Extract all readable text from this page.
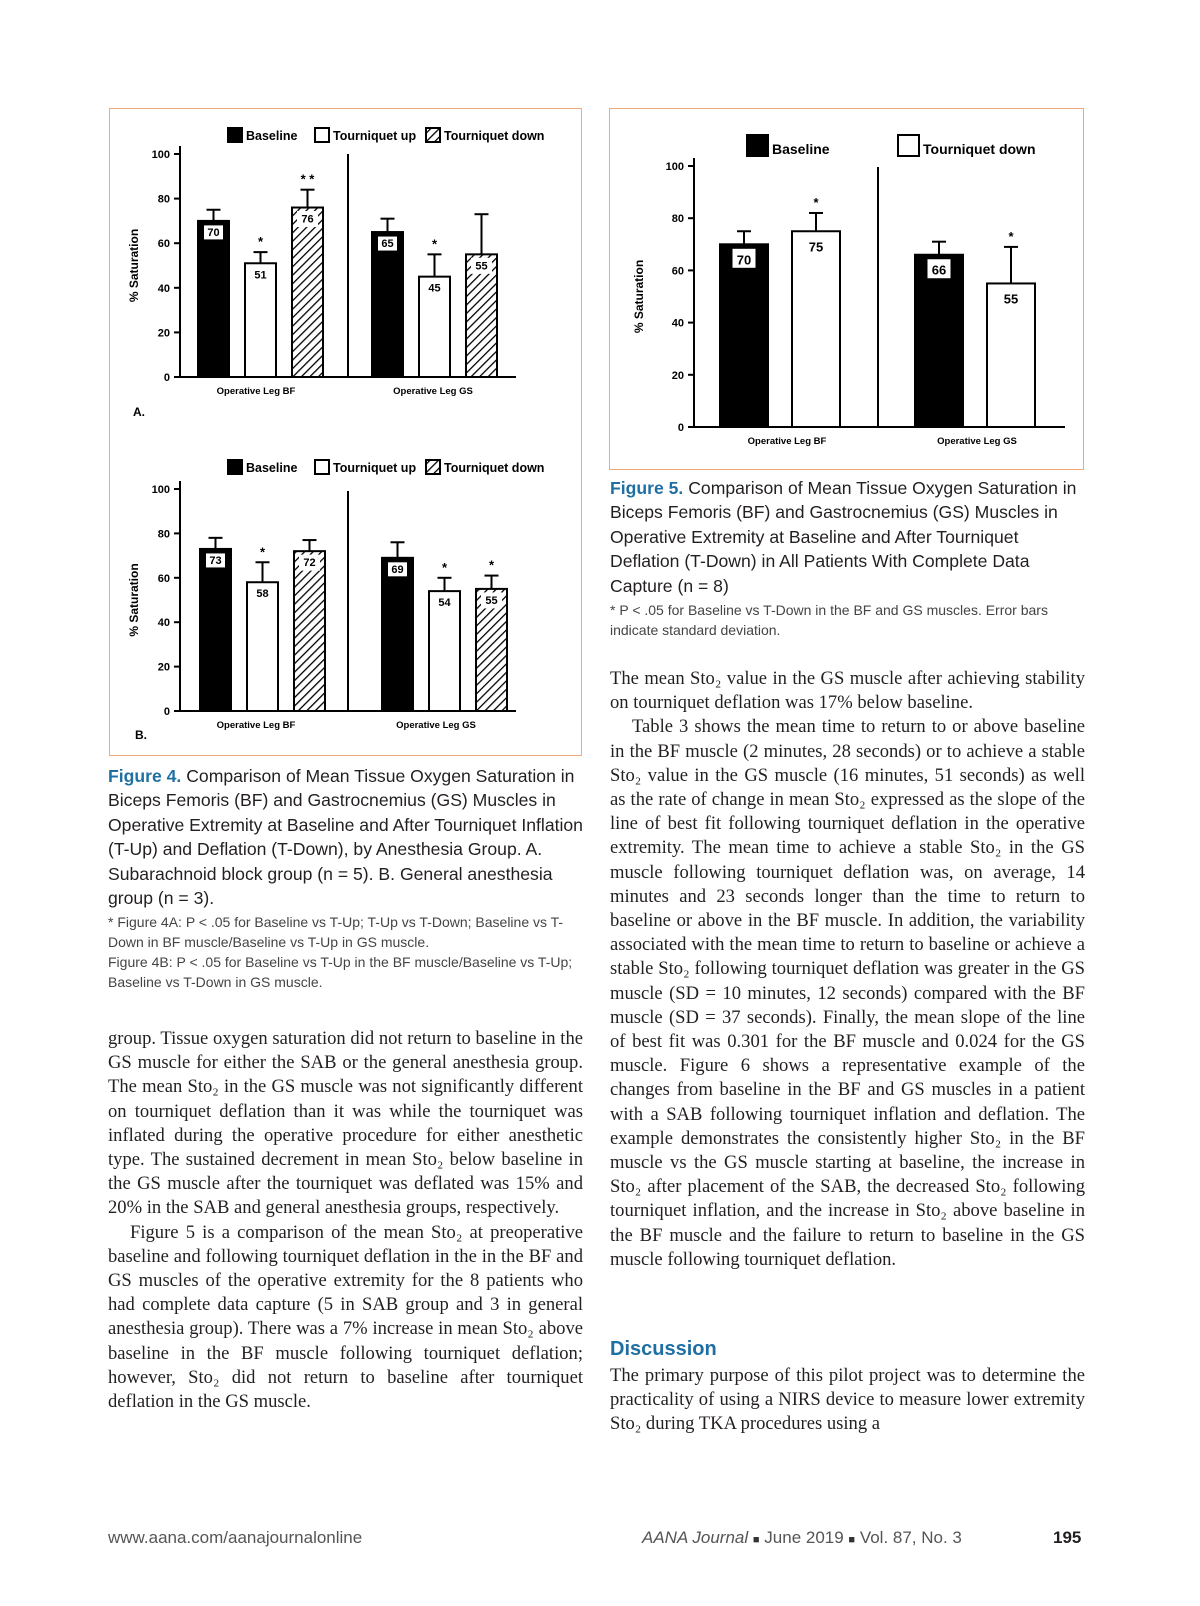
0
20
40
60
80
100
% Saturation	70
51
*
76
* *
Operative Leg BF
65
45
*
55
Operative Leg GS
Baseline	Tourniquet up Tourniquet down
0
20
40
60
80
100
% Saturation
73
58
*
72
Operative Leg BF
69
54
*
55
*
Operative Leg GS
Baseline	Tourniquet up Tourniquet down
A.
B.
0
20
40
60
80
100
% Saturation
70
75
*
Operative Leg BF
66
55
*
Operative Leg GS
Baseline	Tourniquet down
Figure 4. Comparison of Mean Tissue Oxygen Saturation in Biceps Femoris (BF) and Gastrocnemius (GS) Muscles in Operative Extremity at Baseline and After Tourniquet Inflation (T-Up) and Deflation (T-Down), by Anesthesia Group. A. Subarachnoid block group (n = 5). B. General anesthesia group (n = 3).
* Figure 4A: P < .05 for Baseline vs T-Up; T-Up vs T-Down; Baseline vs T-Down in BF muscle/Baseline vs T-Up in GS muscle.
Figure 4B: P < .05 for Baseline vs T-Up in the BF muscle/Baseline vs T-Up; Baseline vs T-Down in GS muscle.
Figure 5. Comparison of Mean Tissue Oxygen Saturation in Biceps Femoris (BF) and Gastrocnemius (GS) Muscles in Operative Extremity at Baseline and After Tourniquet Deflation (T-Down) in All Patients With Complete Data Capture (n = 8)
* P < .05 for Baseline vs T-Down in the BF and GS muscles. Error bars indicate standard deviation.

group. Tissue oxygen saturation did not return to baseline in the GS muscle for either the SAB or the general anesthesia group. The mean Sto₂ in the GS muscle was not significantly different on tourniquet deflation than it was while the tourniquet was inflated during the operative procedure for either anesthetic type. The sustained decrement in mean Sto₂ below baseline in the GS muscle after the tourniquet was deflated was 15% and 20% in the SAB and general anesthesia groups, respectively.

Figure 5 is a comparison of the mean Sto₂ at preoperative baseline and following tourniquet deflation in the in the BF and GS muscles of the operative extremity for the 8 patients who had complete data capture (5 in SAB group and 3 in general anesthesia group). There was a 7% increase in mean Sto₂ above baseline in the BF muscle following tourniquet deflation; however, Sto₂ did not return to baseline after tourniquet deflation in the GS muscle.

The mean Sto₂ value in the GS muscle after achieving stability on tourniquet deflation was 17% below baseline.

Table 3 shows the mean time to return to or above baseline in the BF muscle (2 minutes, 28 seconds) or to achieve a stable Sto₂ value in the GS muscle (16 minutes, 51 seconds) as well as the rate of change in mean Sto₂ expressed as the slope of the line of best fit following tourniquet deflation in the operative extremity. The mean time to achieve a stable Sto₂ in the GS muscle following tourniquet deflation was, on average, 14 minutes and 23 seconds longer than the time to return to baseline or above in the BF muscle. In addition, the variability associated with the mean time to return to baseline or achieve a stable Sto₂ following tourniquet deflation was greater in the GS muscle (SD = 10 minutes, 12 seconds) compared with the BF muscle (SD = 37 seconds). Finally, the mean slope of the line of best fit was 0.301 for the BF muscle and 0.024 for the GS muscle. Figure 6 shows a representative example of the changes from baseline in the BF and GS muscles in a patient with a SAB following tourniquet inflation and deflation. The example demonstrates the consistently higher Sto₂ in the BF muscle vs the GS muscle starting at baseline, the increase in Sto₂ after placement of the SAB, the decreased Sto₂ following tourniquet inflation, and the increase in Sto₂ above baseline in the BF muscle and the failure to return to baseline in the GS muscle following tourniquet deflation.

Discussion

The primary purpose of this pilot project was to determine the practicality of using a NIRS device to measure lower extremity Sto₂ during TKA procedures using a

www.aana.com/aanajournalonline	AANA Journal ■ June 2019 ■ Vol. 87, No. 3	195
